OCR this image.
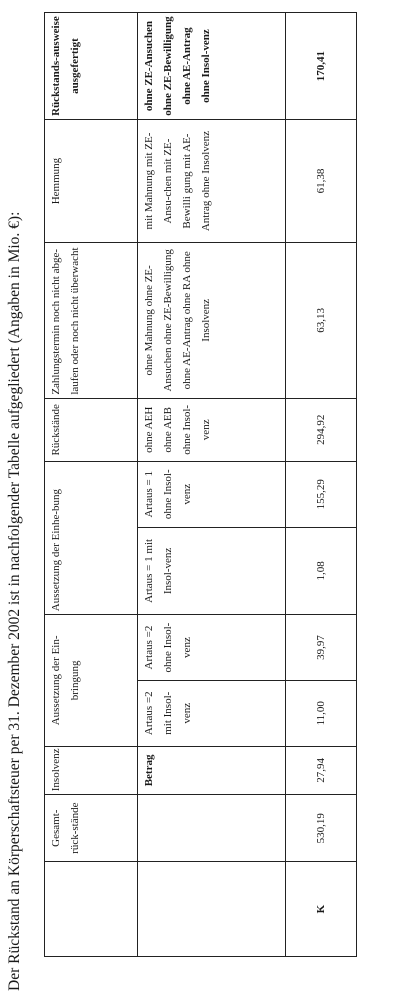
Der Rückstand an Körperschaftsteuer per 31. Dezember 2002 ist in nachfolgender Tabelle aufgegliedert (Angaben in Mio. €):
	Gesamt-rück-stände	Insolvenz	Aussetzung der Ein-bringung		Aussetzung der Einhe-bung		Rückstände	Zahlungstermin noch nicht abge-laufen oder noch nicht überwacht	Hemmung	Rückstands-ausweise ausgefertigt
		Betrag	Artaus =2 mit Insol-venz	Artaus =2 ohne Insol-venz	Artaus = 1 mit Insol-venz	Artaus = 1 ohne Insol-venz	ohne AEH ohne AEB ohne Insol-venz	ohne Mahnung ohne ZE-Ansuchen ohne ZE-Bewilligung ohne AE-Antrag ohne RA ohne Insolvenz	mit Mahnung mit ZE-Ansu-chen mit ZE-Bewilli gung mit AE-Antrag ohne Insolvenz	ohne ZE-Ansuchen ohne ZE-Bewilligung ohne AE-Antrag ohne Insol-venz
K	530,19	27,94	11,00	39,97	1,08	155,29	294,92	63,13	61,38	170,41
